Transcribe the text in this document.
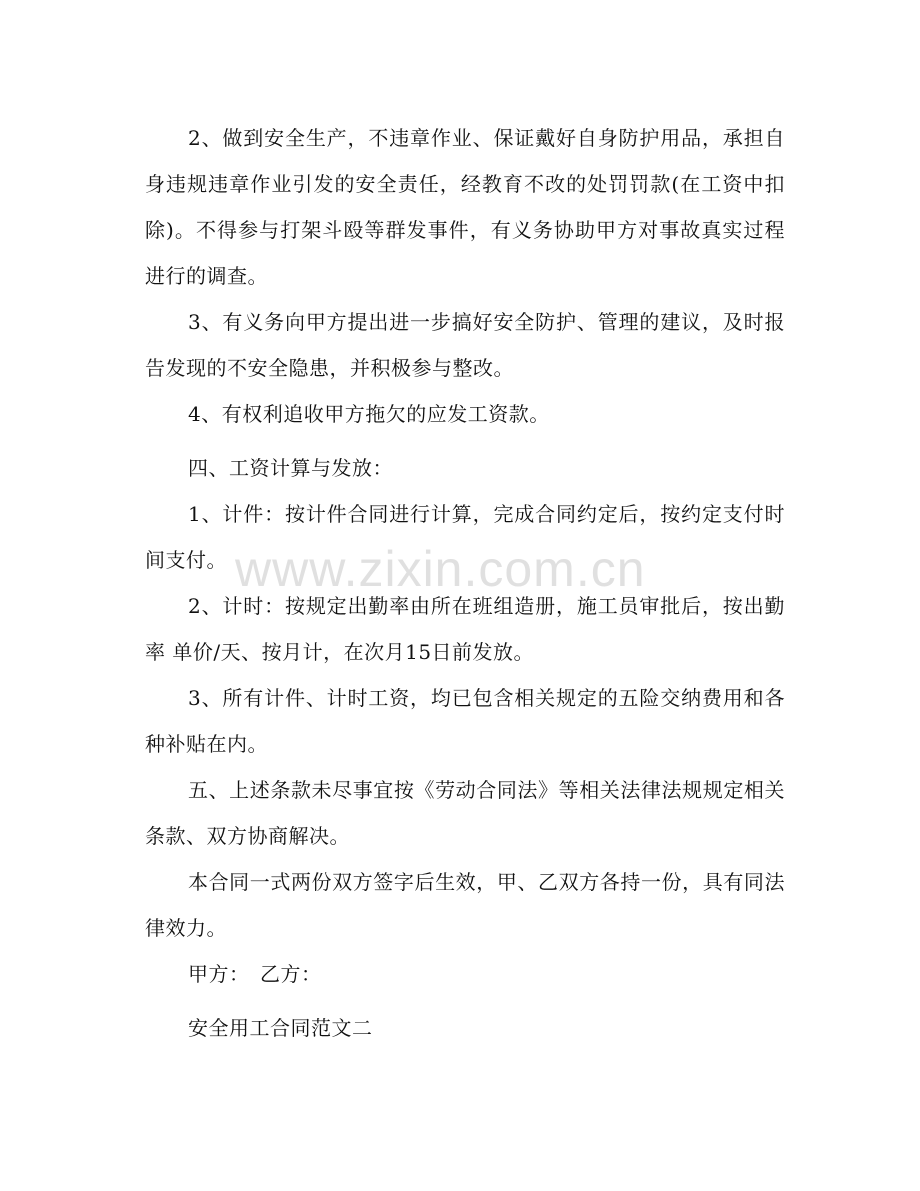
2、做到安全生产，不违章作业、保证戴好自身防护用品，承担自身违规违章作业引发的安全责任，经教育不改的处罚罚款(在工资中扣除)。不得参与打架斗殴等群发事件，有义务协助甲方对事故真实过程进行的调查。

3、有义务向甲方提出进一步搞好安全防护、管理的建议，及时报告发现的不安全隐患，并积极参与整改。

4、有权利追收甲方拖欠的应发工资款。

四、工资计算与发放：

1、计件：按计件合同进行计算，完成合同约定后，按约定支付时间支付。

2、计时：按规定出勤率由所在班组造册，施工员审批后，按出勤率 单价/天、按月计，在次月15日前发放。

3、所有计件、计时工资，均已包含相关规定的五险交纳费用和各种补贴在内。

五、上述条款未尽事宜按《劳动合同法》等相关法律法规规定相关条款、双方协商解决。

本合同一式两份双方签字后生效，甲、乙双方各持一份，具有同法律效力。

甲方：　乙方：

安全用工合同范文二

www.zixin.com.cn
